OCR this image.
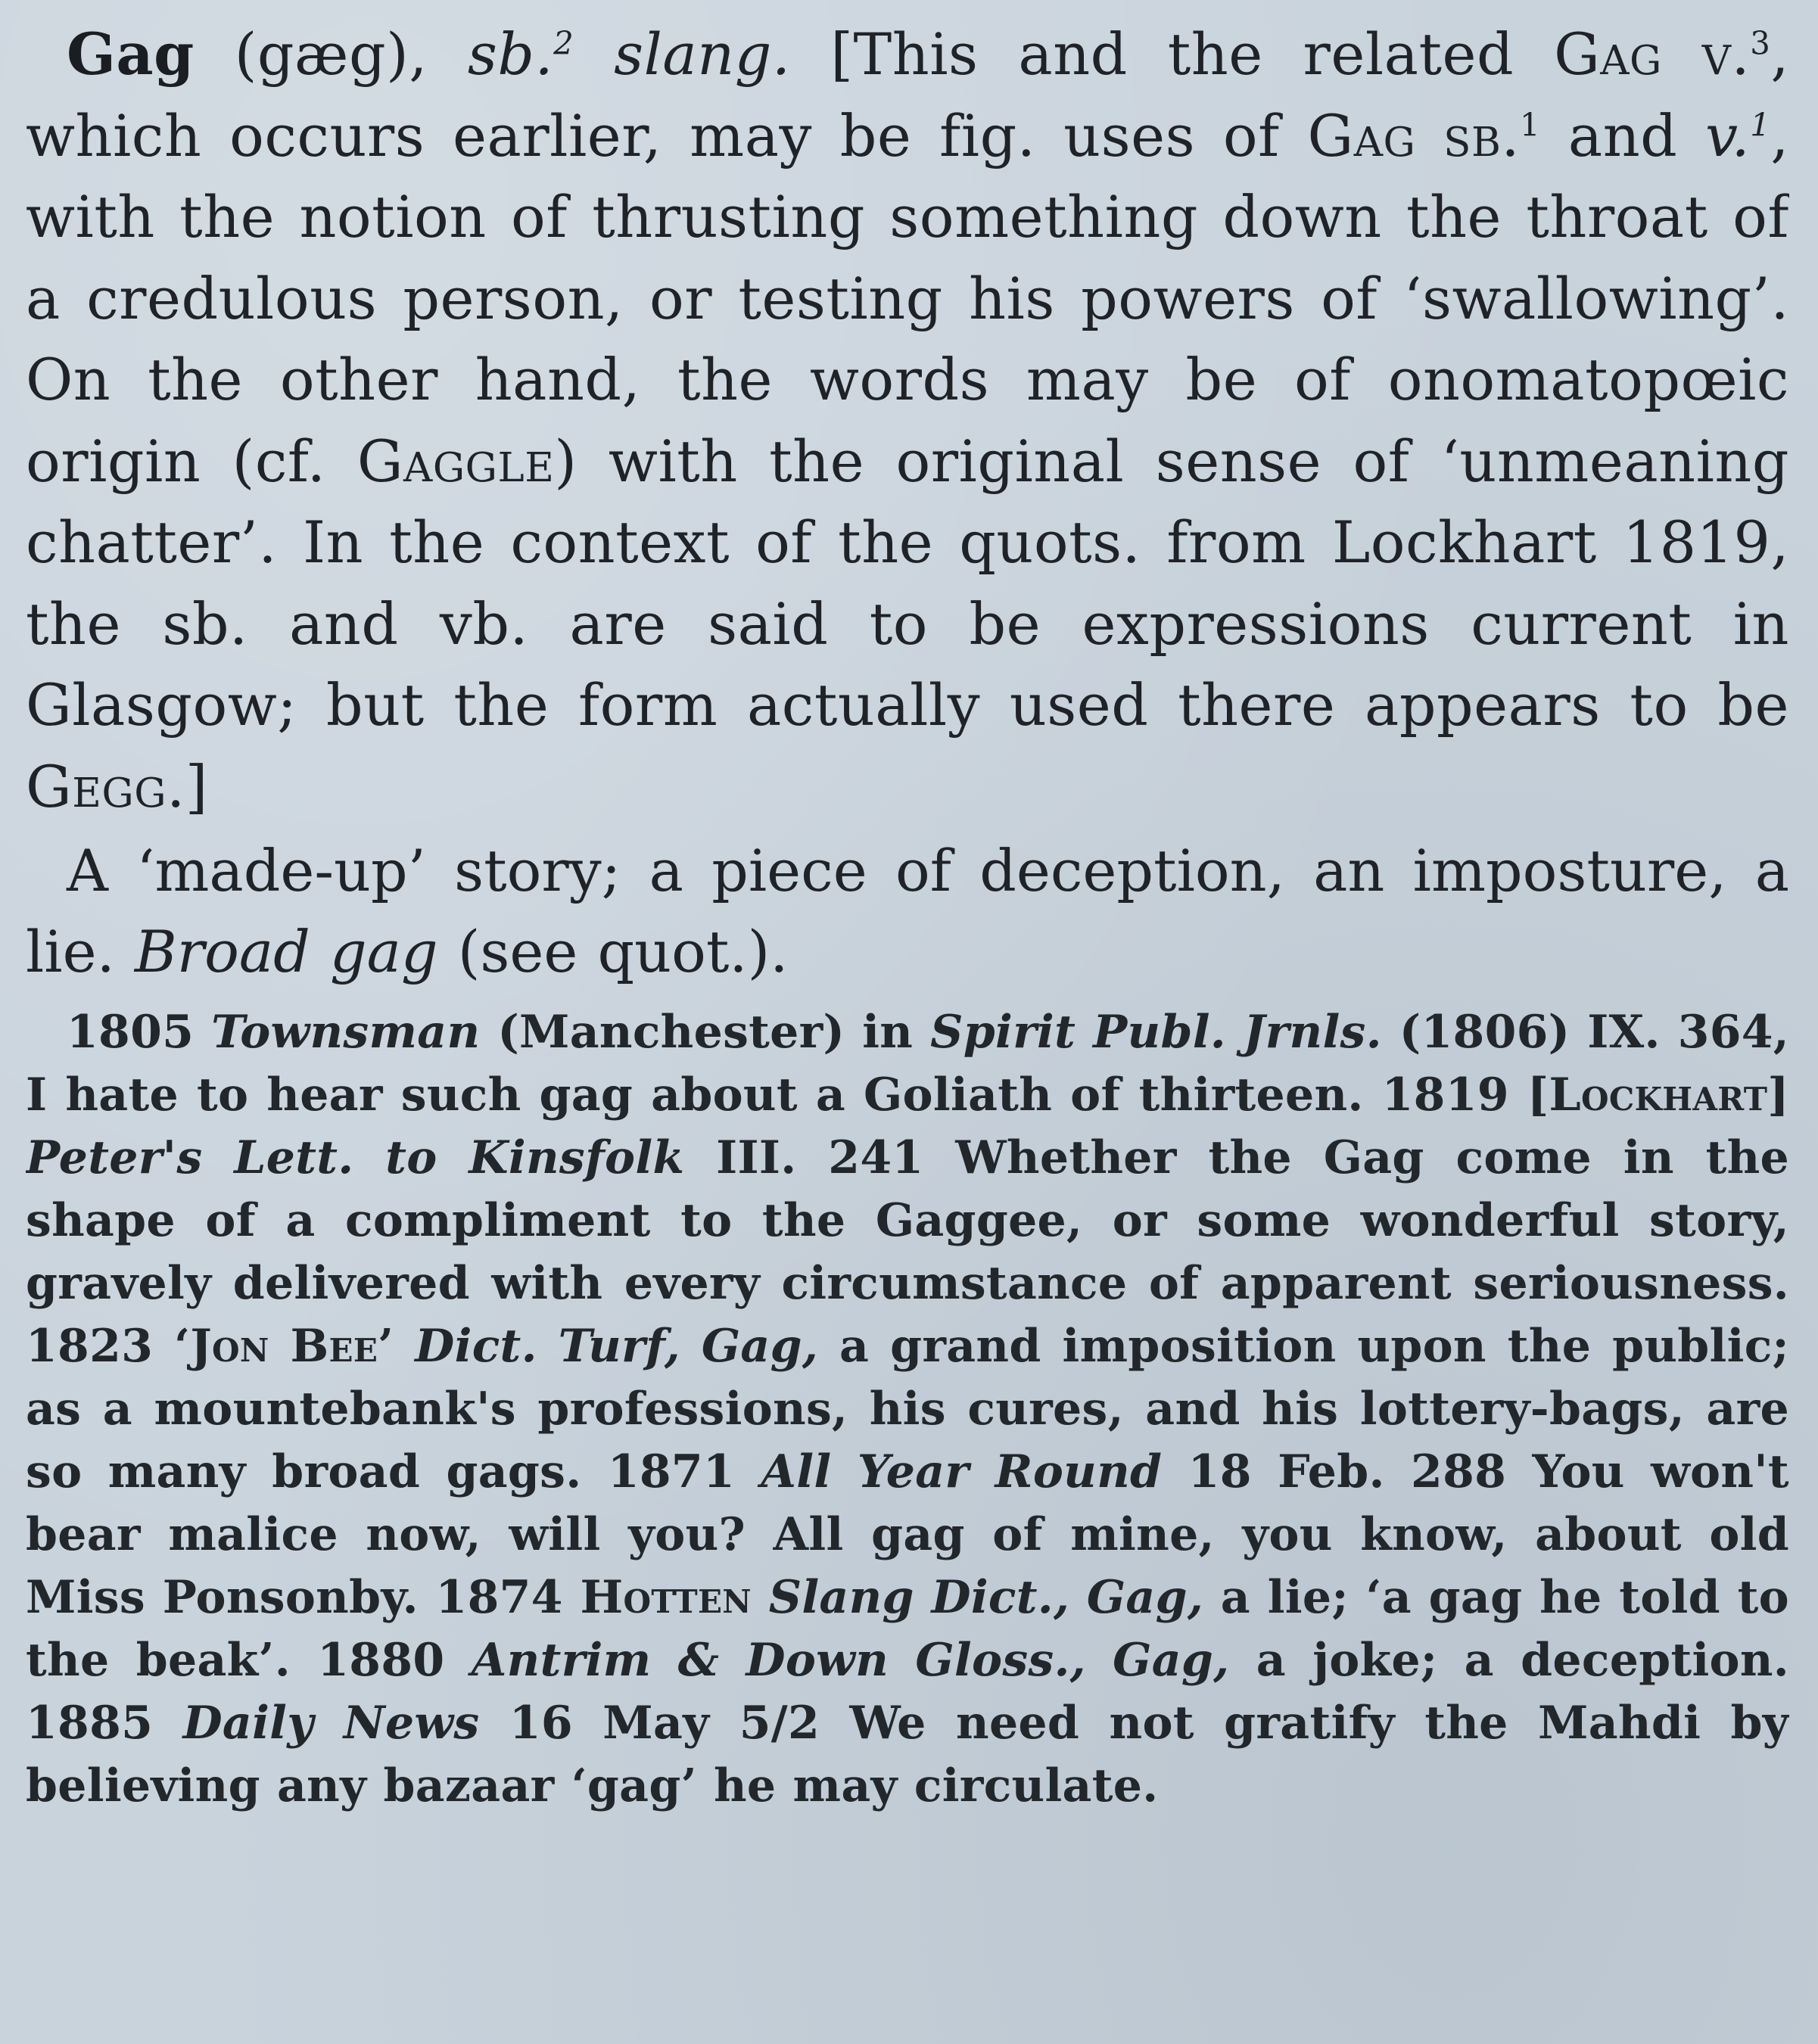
Gag (gæg), sb.$^2$ slang. [This and the related Gag v.$^3$, which occurs earlier, may be fig. uses of Gag sb.$^1$ and v.$^1$, with the notion of thrusting something down the throat of a credulous person, or testing his powers of ‘swallowing’. On the other hand, the words may be of onomatopœic origin (cf. Gaggle) with the original sense of ‘unmeaning chatter’. In the context of the quots. from Lockhart 1819, the sb. and vb. are said to be expressions current in Glasgow; but the form actually used there appears to be Gegg.]

A ‘made-up’ story; a piece of deception, an imposture, a lie. Broad gag (see quot.).

1805 Townsman (Manchester) in Spirit Publ. Jrnls. (1806) IX. 364, I hate to hear such gag about a Goliath of thirteen. 1819 [Lockhart] Peter's Lett. to Kinsfolk III. 241 Whether the Gag come in the shape of a compliment to the Gaggee, or some wonderful story, gravely delivered with every circumstance of apparent seriousness. 1823 ‘Jon Bee’ Dict. Turf, Gag, a grand imposition upon the public; as a mountebank's professions, his cures, and his lottery-bags, are so many broad gags. 1871 All Year Round 18 Feb. 288 You won't bear malice now, will you? All gag of mine, you know, about old Miss Ponsonby. 1874 Hotten Slang Dict., Gag, a lie; ‘a gag he told to the beak’. 1880 Antrim & Down Gloss., Gag, a joke; a deception. 1885 Daily News 16 May 5/2 We need not gratify the Mahdi by believing any bazaar ‘gag’ he may circulate.
